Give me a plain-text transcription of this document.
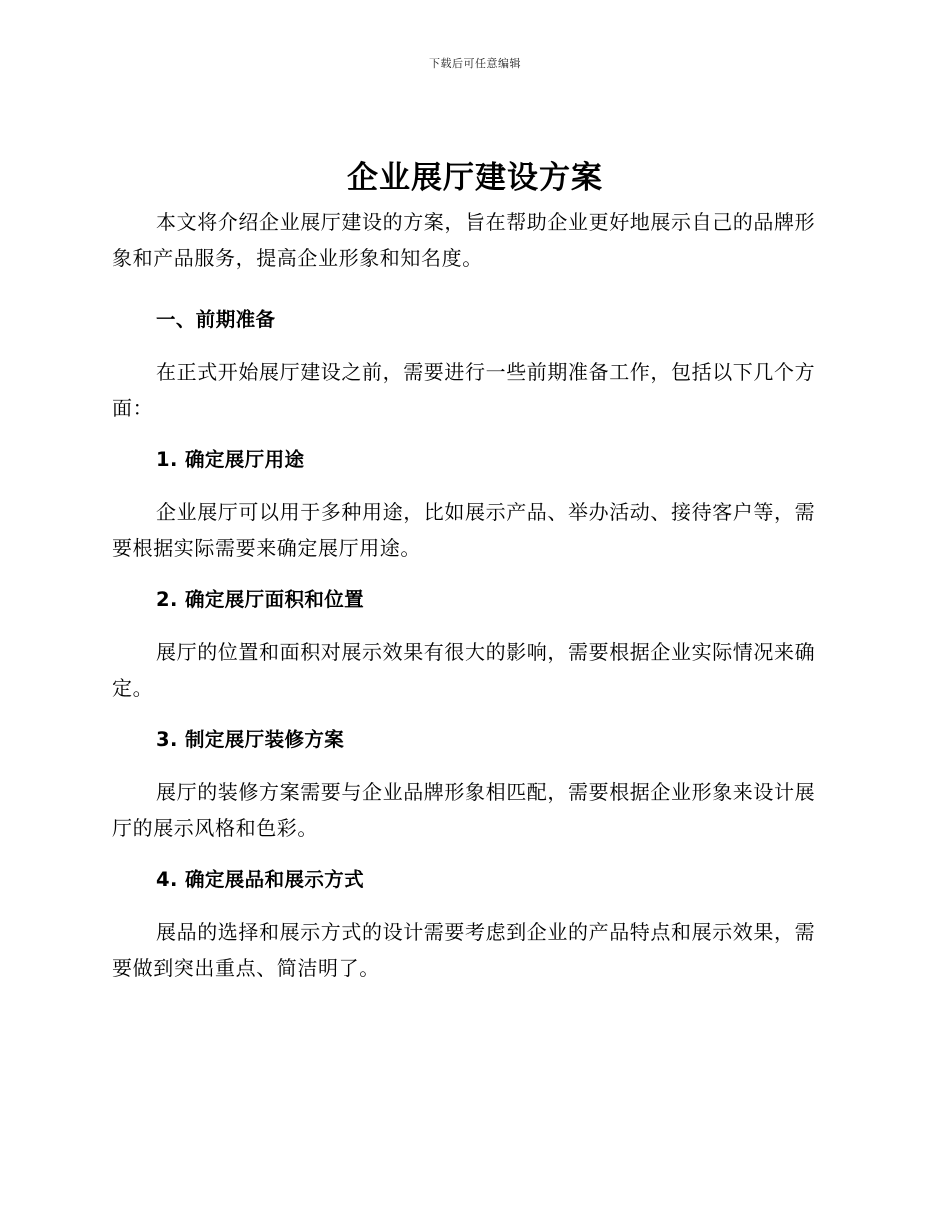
下载后可任意编辑
企业展厅建设方案

本文将介绍企业展厅建设的方案，旨在帮助企业更好地展示自己的品牌形象和产品服务，提高企业形象和知名度。

一、前期准备

在正式开始展厅建设之前，需要进行一些前期准备工作，包括以下几个方面：

1. 确定展厅用途

企业展厅可以用于多种用途，比如展示产品、举办活动、接待客户等，需要根据实际需要来确定展厅用途。

2. 确定展厅面积和位置

展厅的位置和面积对展示效果有很大的影响，需要根据企业实际情况来确定。

3. 制定展厅装修方案

展厅的装修方案需要与企业品牌形象相匹配，需要根据企业形象来设计展厅的展示风格和色彩。

4. 确定展品和展示方式

展品的选择和展示方式的设计需要考虑到企业的产品特点和展示效果，需要做到突出重点、简洁明了。
